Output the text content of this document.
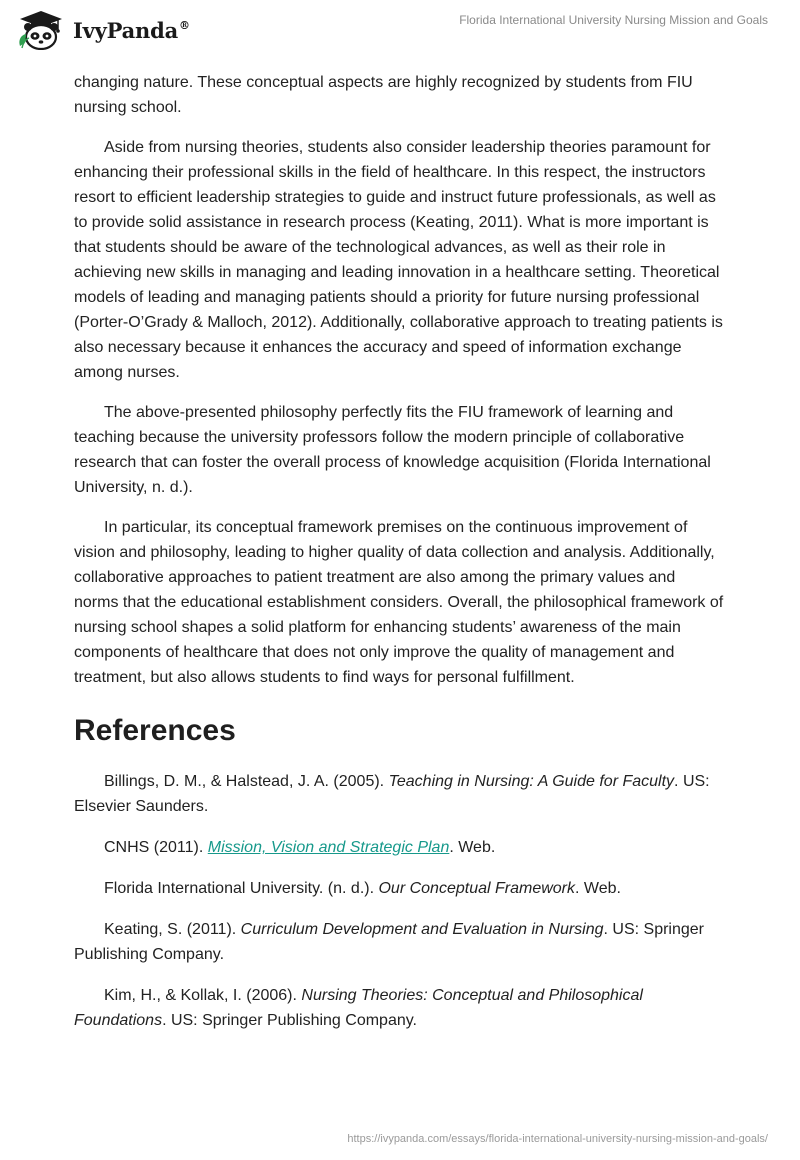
IvyPanda®	Florida International University Nursing Mission and Goals

changing nature. These conceptual aspects are highly recognized by students from FIU nursing school.

Aside from nursing theories, students also consider leadership theories paramount for enhancing their professional skills in the field of healthcare. In this respect, the instructors resort to efficient leadership strategies to guide and instruct future professionals, as well as to provide solid assistance in research process (Keating, 2011). What is more important is that students should be aware of the technological advances, as well as their role in achieving new skills in managing and leading innovation in a healthcare setting. Theoretical models of leading and managing patients should a priority for future nursing professional (Porter-O’Grady & Malloch, 2012). Additionally, collaborative approach to treating patients is also necessary because it enhances the accuracy and speed of information exchange among nurses.

The above-presented philosophy perfectly fits the FIU framework of learning and teaching because the university professors follow the modern principle of collaborative research that can foster the overall process of knowledge acquisition (Florida International University, n. d.).

In particular, its conceptual framework premises on the continuous improvement of vision and philosophy, leading to higher quality of data collection and analysis. Additionally, collaborative approaches to patient treatment are also among the primary values and norms that the educational establishment considers. Overall, the philosophical framework of nursing school shapes a solid platform for enhancing students’ awareness of the main components of healthcare that does not only improve the quality of management and treatment, but also allows students to find ways for personal fulfillment.

References

Billings, D. M., & Halstead, J. A. (2005). Teaching in Nursing: A Guide for Faculty. US: Elsevier Saunders.

CNHS (2011). Mission, Vision and Strategic Plan. Web.

Florida International University. (n. d.). Our Conceptual Framework. Web.

Keating, S. (2011). Curriculum Development and Evaluation in Nursing. US: Springer Publishing Company.

Kim, H., & Kollak, I. (2006). Nursing Theories: Conceptual and Philosophical Foundations. US: Springer Publishing Company.

https://ivypanda.com/essays/florida-international-university-nursing-mission-and-goals/
